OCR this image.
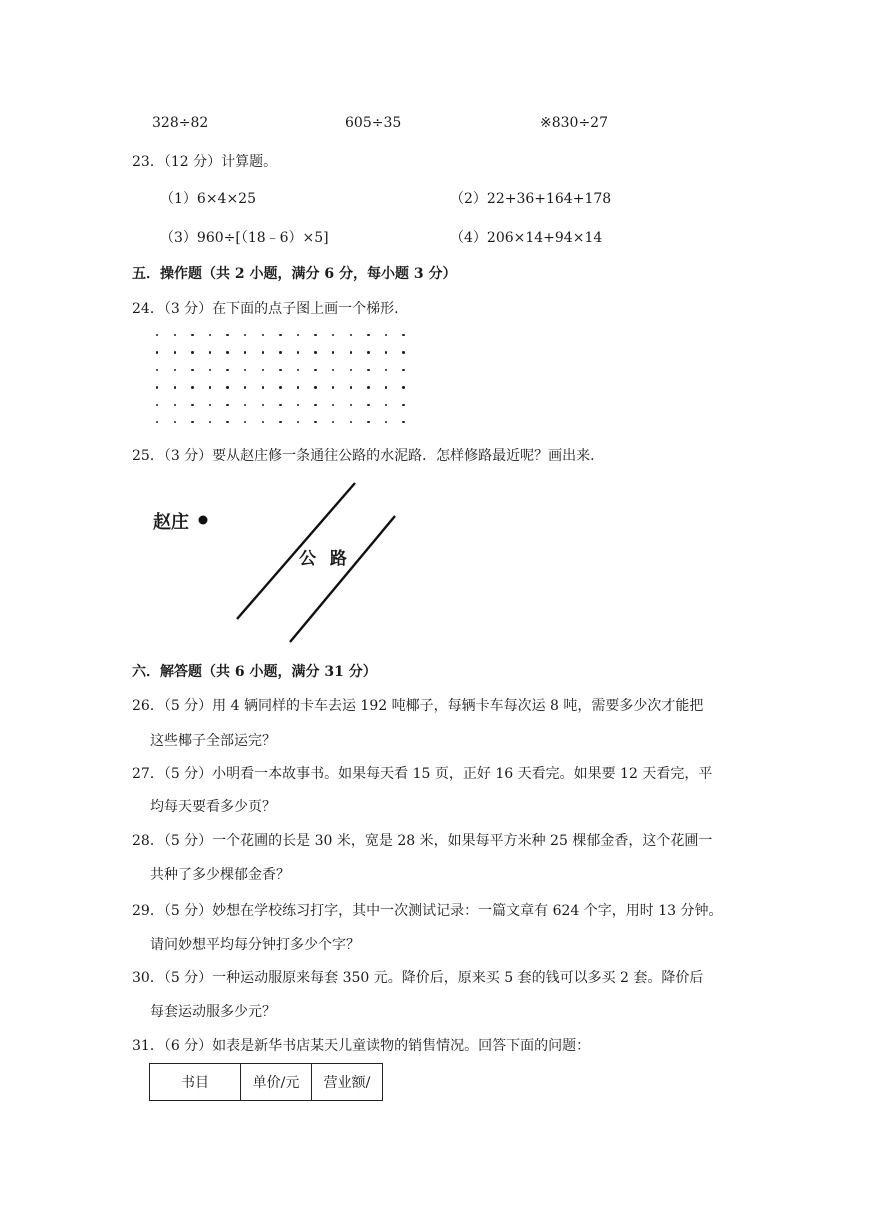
328÷82	605÷35	※830÷27
23．（12 分）计算题。
（1）6×4×25	（2）22+36+164+178
（3）960÷[（18﹣6）×5]	（4）206×14+94×14
五．操作题（共 2 小题，满分 6 分，每小题 3 分）
24．（3 分）在下面的点子图上画一个梯形.
25．（3 分）要从赵庄修一条通往公路的水泥路．怎样修路最近呢？画出来.
赵庄
公 路
六．解答题（共 6 小题，满分 31 分）
26．（5 分）用 4 辆同样的卡车去运 192 吨椰子，每辆卡车每次运 8 吨，需要多少次才能把
这些椰子全部运完？
27．（5 分）小明看一本故事书。如果每天看 15 页，正好 16 天看完。如果要 12 天看完，平
均每天要看多少页？
28．（5 分）一个花圃的长是 30 米，宽是 28 米，如果每平方米种 25 棵郁金香，这个花圃一
共种了多少棵郁金香？
29．（5 分）妙想在学校练习打字，其中一次测试记录：一篇文章有 624 个字，用时 13 分钟。
请问妙想平均每分钟打多少个字？
30．（5 分）一种运动服原来每套 350 元。降价后，原来买 5 套的钱可以多买 2 套。降价后
每套运动服多少元？
31．（6 分）如表是新华书店某天儿童读物的销售情况。回答下面的问题：
书目	单价/元	营业额/
